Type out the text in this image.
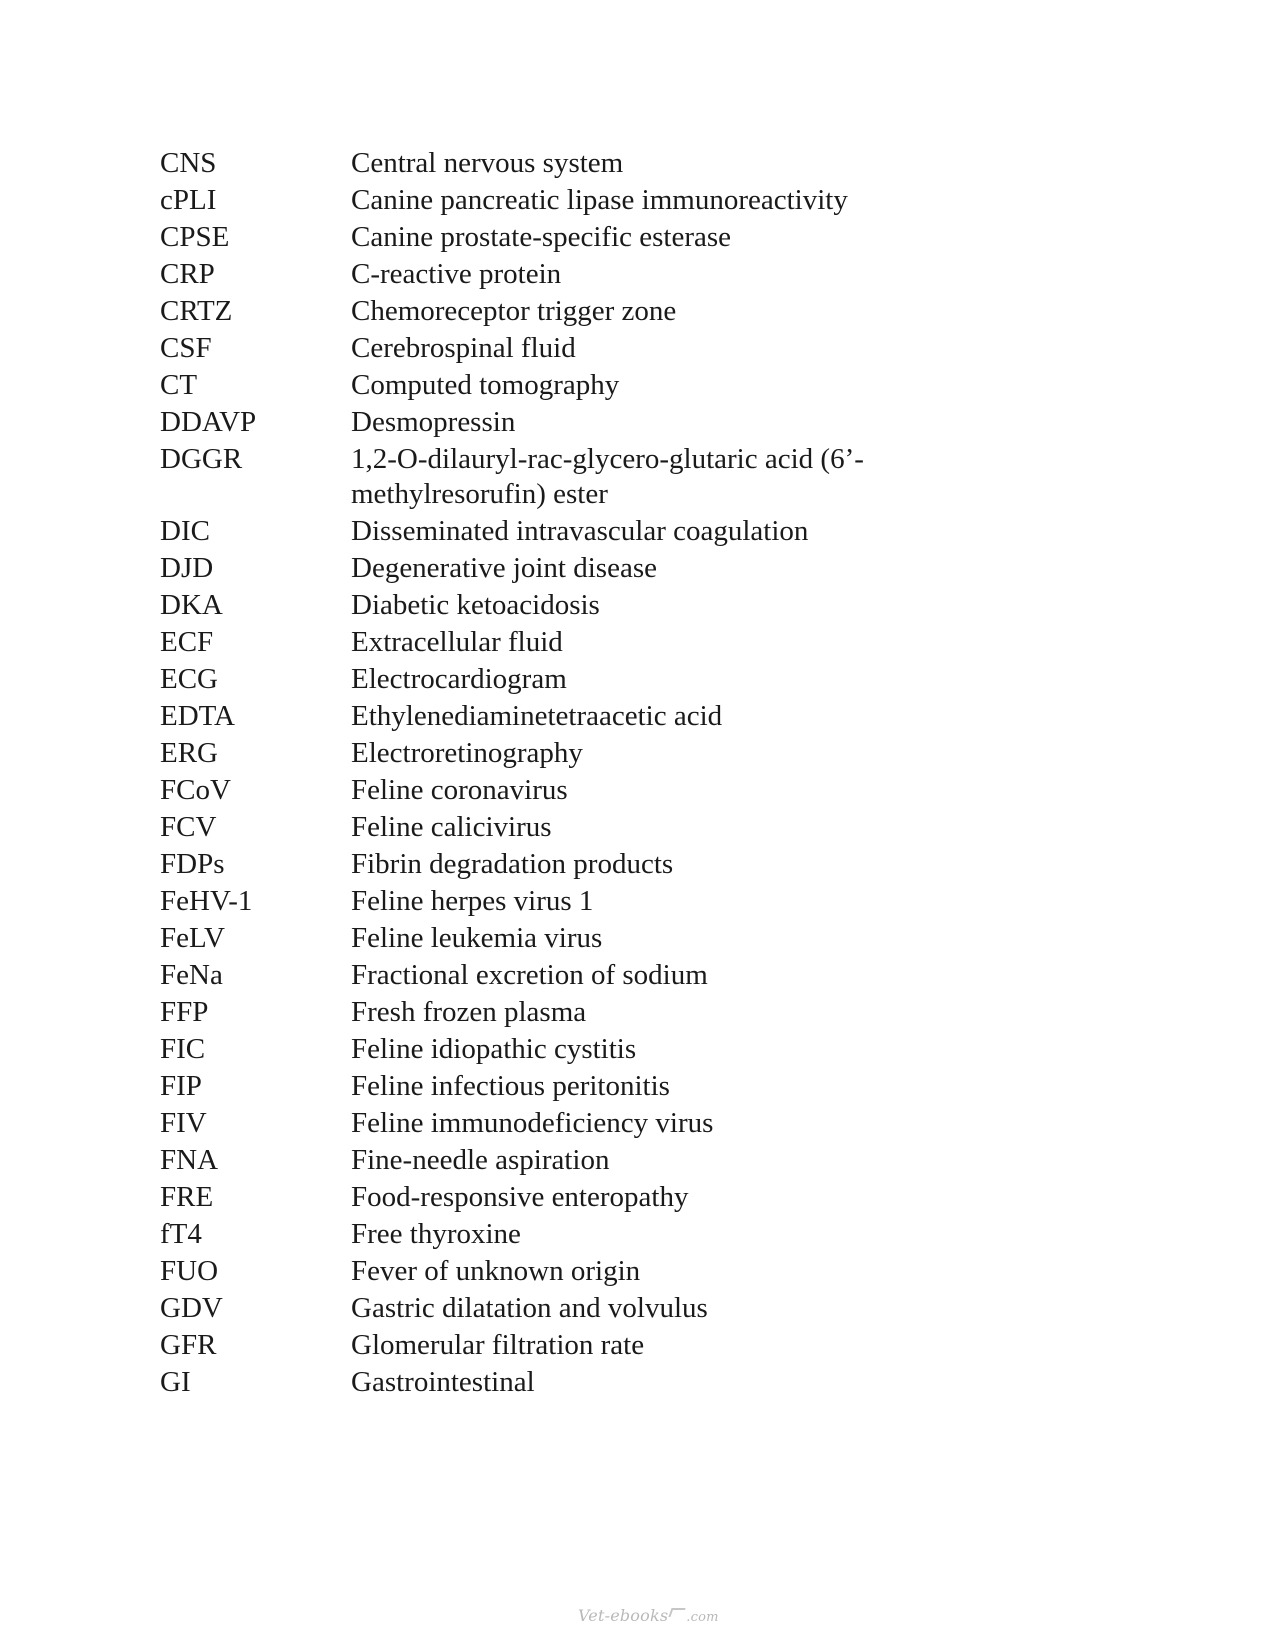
CNS	Central nervous system
cPLI	Canine pancreatic lipase immunoreactivity
CPSE	Canine prostate-specific esterase
CRP	C-reactive protein
CRTZ	Chemoreceptor trigger zone
CSF	Cerebrospinal fluid
CT	Computed tomography
DDAVP	Desmopressin
DGGR	1,2-O-dilauryl-rac-glycero-glutaric acid (6’-methylresorufin) ester
DIC	Disseminated intravascular coagulation
DJD	Degenerative joint disease
DKA	Diabetic ketoacidosis
ECF	Extracellular fluid
ECG	Electrocardiogram
EDTA	Ethylenediaminetetraacetic acid
ERG	Electroretinography
FCoV	Feline coronavirus
FCV	Feline calicivirus
FDPs	Fibrin degradation products
FeHV-1	Feline herpes virus 1
FeLV	Feline leukemia virus
FeNa	Fractional excretion of sodium
FFP	Fresh frozen plasma
FIC	Feline idiopathic cystitis
FIP	Feline infectious peritonitis
FIV	Feline immunodeficiency virus
FNA	Fine-needle aspiration
FRE	Food-responsive enteropathy
fT4	Free thyroxine
FUO	Fever of unknown origin
GDV	Gastric dilatation and volvulus
GFR	Glomerular filtration rate
GI	Gastrointestinal
Vet-ebooks .com
